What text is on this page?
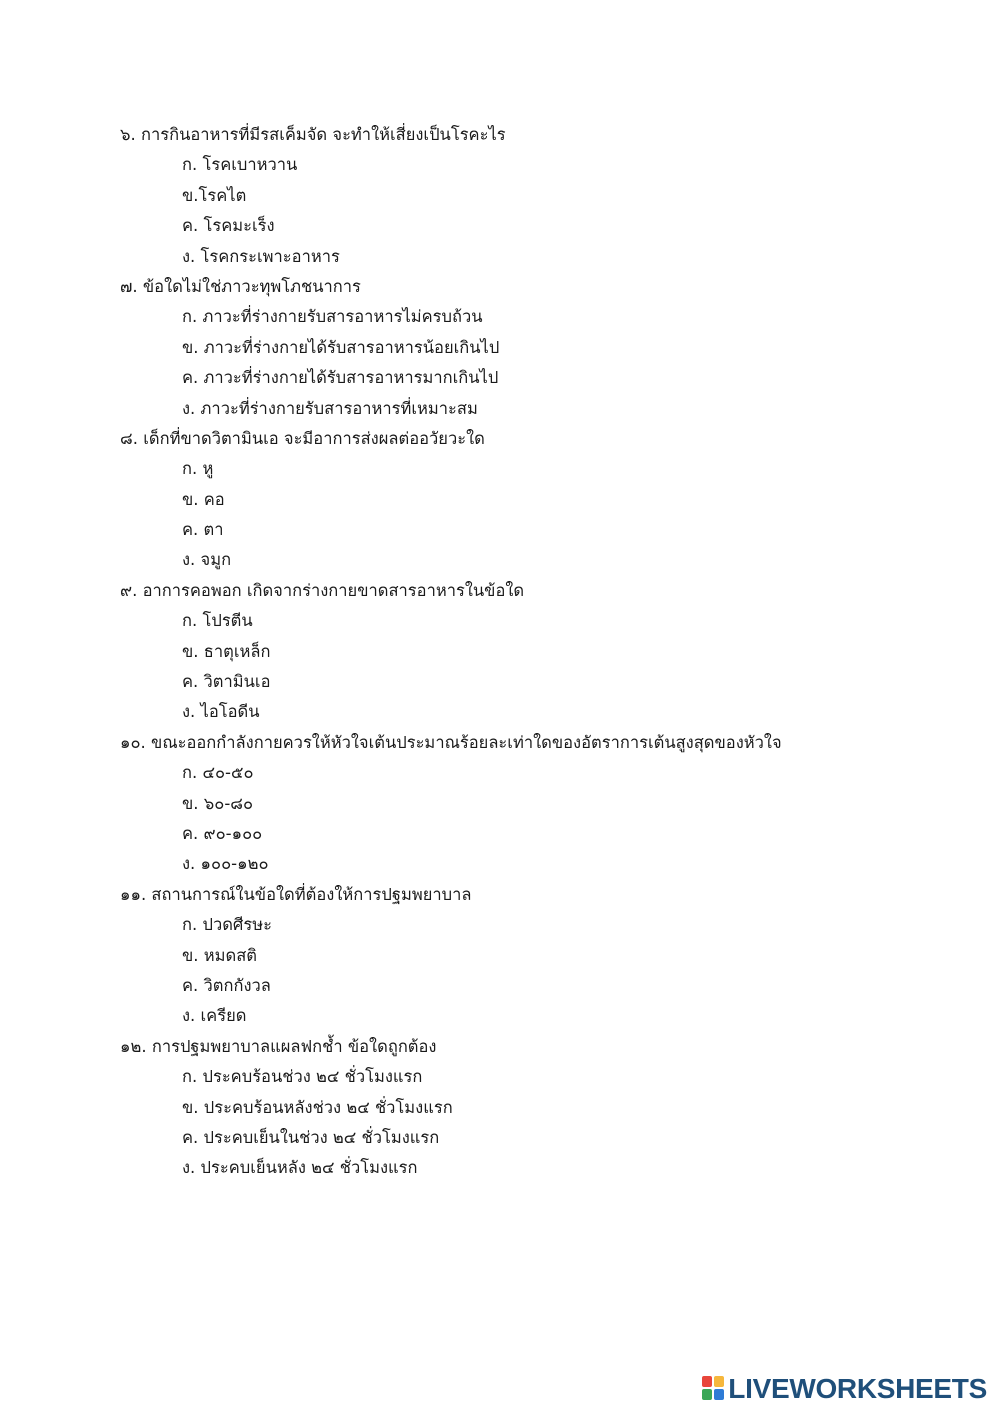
๖. การกินอาหารที่มีรสเค็มจัด จะทำให้เสี่ยงเป็นโรคะไร
ก. โรคเบาหวาน
ข.โรคไต
ค. โรคมะเร็ง
ง. โรคกระเพาะอาหาร
๗. ข้อใดไม่ใช่ภาวะทุพโภชนาการ
ก. ภาวะที่ร่างกายรับสารอาหารไม่ครบถ้วน
ข. ภาวะที่ร่างกายได้รับสารอาหารน้อยเกินไป
ค. ภาวะที่ร่างกายได้รับสารอาหารมากเกินไป
ง. ภาวะที่ร่างกายรับสารอาหารที่เหมาะสม
๘. เด็กที่ขาดวิตามินเอ จะมีอาการส่งผลต่ออวัยวะใด
ก. หู
ข. คอ
ค. ตา
ง. จมูก
๙. อาการคอพอก เกิดจากร่างกายขาดสารอาหารในข้อใด
ก. โปรตีน
ข. ธาตุเหล็ก
ค. วิตามินเอ
ง. ไอโอดีน
๑๐. ขณะออกกำลังกายควรให้หัวใจเต้นประมาณร้อยละเท่าใดของอัตราการเต้นสูงสุดของหัวใจ
ก. ๔๐-๕๐
ข. ๖๐-๘๐
ค. ๙๐-๑๐๐
ง. ๑๐๐-๑๒๐
๑๑. สถานการณ์ในข้อใดที่ต้องให้การปฐมพยาบาล
ก. ปวดศีรษะ
ข. หมดสติ
ค. วิตกกังวล
ง. เครียด
๑๒. การปฐมพยาบาลแผลฟกช้ำ ข้อใดถูกต้อง
ก. ประคบร้อนช่วง ๒๔ ชั่วโมงแรก
ข. ประคบร้อนหลังช่วง ๒๔ ชั่วโมงแรก
ค. ประคบเย็นในช่วง ๒๔ ชั่วโมงแรก
ง. ประคบเย็นหลัง ๒๔ ชั่วโมงแรก
LIVEWORKSHEETS
